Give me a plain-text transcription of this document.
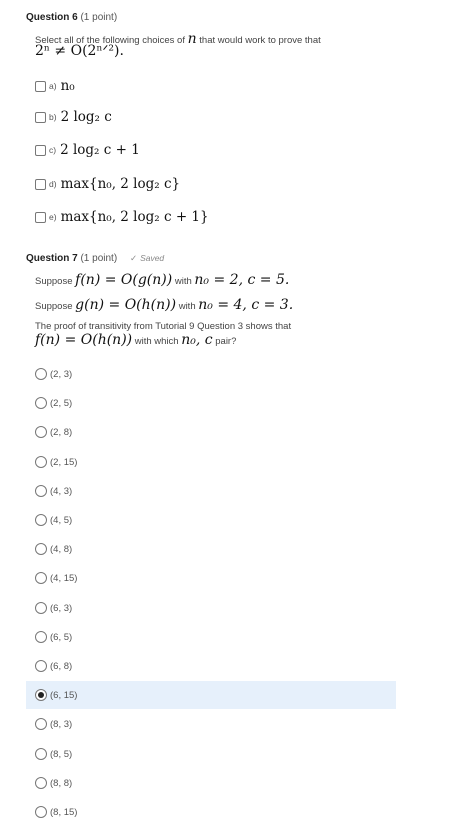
Question 6 (1 point)
Select all of the following choices of n that would work to prove that
2ⁿ ≠ O(2ⁿᐟ²).
a) n₀
b) 2 log₂ c
c) 2 log₂ c + 1
d) max{n₀, 2 log₂ c}
e) max{n₀, 2 log₂ c + 1}
Question 7 (1 point) ✓ Saved
Suppose f(n) = O(g(n)) with n₀ = 2, c = 5.
Suppose g(n) = O(h(n)) with n₀ = 4, c = 3.
The proof of transitivity from Tutorial 9 Question 3 shows that
f(n) = O(h(n)) with which n₀, c pair?
(2, 3)
(2, 5)
(2, 8)
(2, 15)
(4, 3)
(4, 5)
(4, 8)
(4, 15)
(6, 3)
(6, 5)
(6, 8)
(6, 15)
(8, 3)
(8, 5)
(8, 8)
(8, 15)
